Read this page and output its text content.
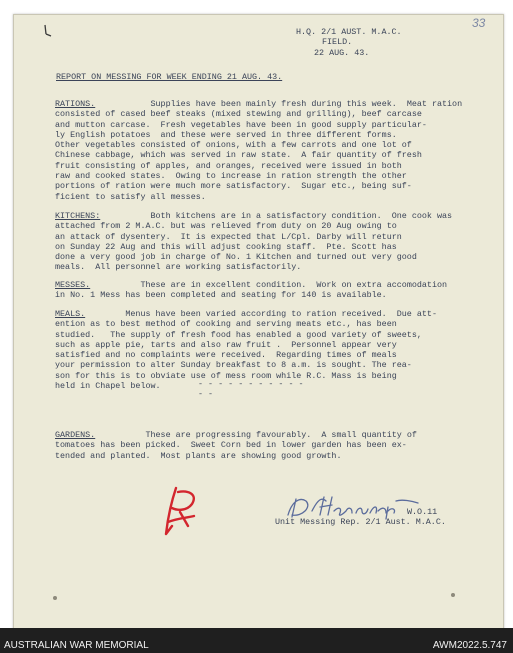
33
H.Q. 2/1 AUST. M.A.C.
FIELD.
22 AUG. 43.
REPORT ON MESSING FOR WEEK ENDING 21 AUG. 43.
RATIONS.           Supplies have been mainly fresh during this week.  Meat ration
consisted of cased beef steaks (mixed stewing and grilling), beef carcase
and mutton carcase.  Fresh vegetables have been in good supply particular-
ly English potatoes  and these were served in three different forms.
Other vegetables consisted of onions, with a few carrots and one lot of
Chinese cabbage, which was served in raw state.  A fair quantity of fresh
fruit consisting of apples, and oranges, received were issued in both
raw and cooked states.  Owing to increase in ration strength the other
portions of ration were much more satisfactory.  Sugar etc., being suf-
ficient to satisfy all messes.
KITCHENS:          Both kitchens are in a satisfactory condition.  One cook was
attached from 2 M.A.C. but was relieved from duty on 20 Aug owing to
an attack of dysentery.  It is expected that L/Cpl. Darby will return
on Sunday 22 Aug and this will adjust cooking staff.  Pte. Scott has
done a very good job in charge of No. 1 Kitchen and turned out very good
meals.  All personnel are working satisfactorily.
MESSES.          These are in excellent condition.  Work on extra accomodation
in No. 1 Mess has been completed and seating for 140 is available.
MEALS.        Menus have been varied according to ration received.  Due att-
ention as to best method of cooking and serving meats etc., has been
studied.   The supply of fresh food has enabled a good variety of sweets,
such as apple pie, tarts and also raw fruit .  Personnel appear very
satisfied and no complaints were received.  Regarding times of meals
your permission to alter Sunday breakfast to 8 a.m. is sought. The rea-
son for this is to obviate use of mess room while R.C. Mass is being
held in Chapel below.	- - - - - - - - - - - - -
GARDENS.          These are progressing favourably.  A small quantity of
tomatoes has been picked.  Sweet Corn bed in lower garden has been ex-
tended and planted.  Most plants are showing good growth.
W.O.11
Unit Messing Rep. 2/1 Aust. M.A.C.
AUSTRALIAN WAR MEMORIAL	AWM2022.5.747
